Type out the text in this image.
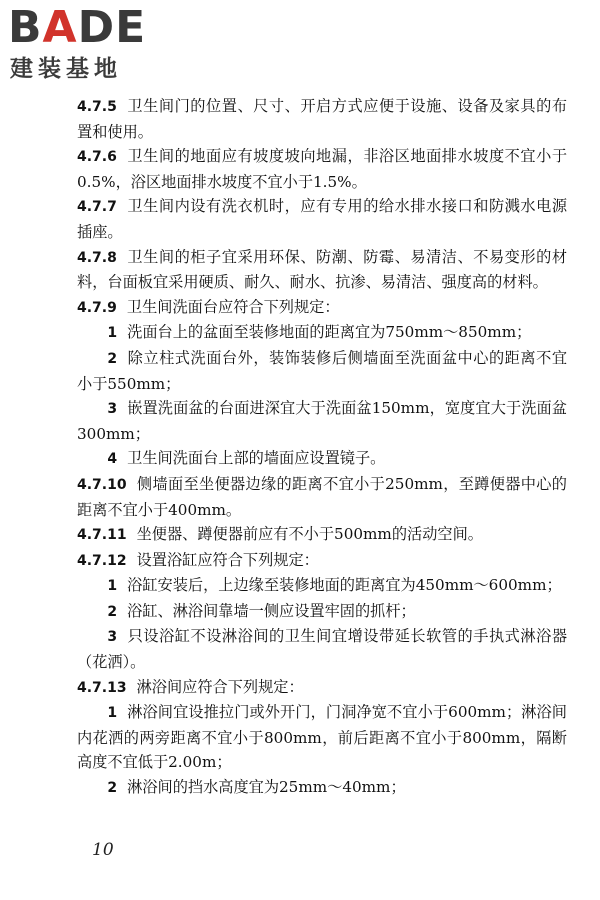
BADE
建装基地

4.7.5 卫生间门的位置、尺寸、开启方式应便于设施、设备及家具的布置和使用。

4.7.6 卫生间的地面应有坡度坡向地漏，非浴区地面排水坡度不宜小于0.5%，浴区地面排水坡度不宜小于1.5%。

4.7.7 卫生间内设有洗衣机时，应有专用的给水排水接口和防溅水电源插座。

4.7.8 卫生间的柜子宜采用环保、防潮、防霉、易清洁、不易变形的材料，台面板宜采用硬质、耐久、耐水、抗渗、易清洁、强度高的材料。

4.7.9 卫生间洗面台应符合下列规定：

1 洗面台上的盆面至装修地面的距离宜为750mm～850mm；

2 除立柱式洗面台外，装饰装修后侧墙面至洗面盆中心的距离不宜小于550mm；

3 嵌置洗面盆的台面进深宜大于洗面盆150mm，宽度宜大于洗面盆300mm；

4 卫生间洗面台上部的墙面应设置镜子。

4.7.10 侧墙面至坐便器边缘的距离不宜小于250mm，至蹲便器中心的距离不宜小于400mm。

4.7.11 坐便器、蹲便器前应有不小于500mm的活动空间。

4.7.12 设置浴缸应符合下列规定：

1 浴缸安装后，上边缘至装修地面的距离宜为450mm～600mm；

2 浴缸、淋浴间靠墙一侧应设置牢固的抓杆；

3 只设浴缸不设淋浴间的卫生间宜增设带延长软管的手执式淋浴器（花洒）。

4.7.13 淋浴间应符合下列规定：

1 淋浴间宜设推拉门或外开门，门洞净宽不宜小于600mm；淋浴间内花洒的两旁距离不宜小于800mm，前后距离不宜小于800mm，隔断高度不宜低于2.00m；

2 淋浴间的挡水高度宜为25mm～40mm；

10
